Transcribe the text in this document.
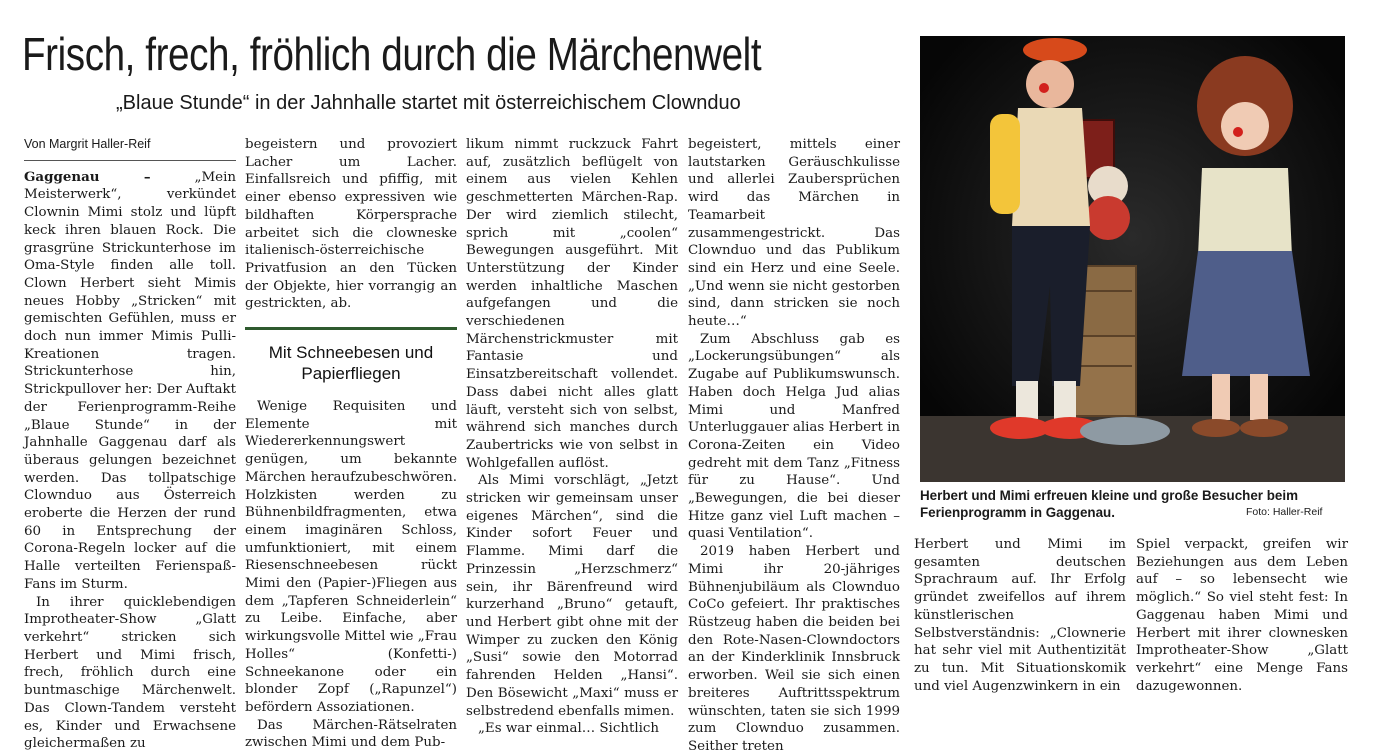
Frisch, frech, fröhlich durch die Märchenwelt
„Blaue Stunde“ in der Jahnhalle startet mit österreichischem Clownduo
Von Margrit Haller-Reif

Gaggenau –	„Mein Meisterwerk“, verkündet Clownin Mimi stolz und lüpft keck ihren blauen Rock. Die grasgrüne Strickunterhose im Oma-Style finden alle toll. Clown Herbert sieht Mimis neues Hobby „Stricken“ mit gemischten Gefühlen, muss er doch nun immer Mimis Pulli-Kreationen tragen. Strickunterhose hin, Strickpullover her: Der Auftakt der Ferienprogramm-Reihe „Blaue Stunde“ in der Jahnhalle Gaggenau darf als überaus gelungen bezeichnet werden. Das tollpatschige Clownduo aus Österreich eroberte die Herzen der rund 60 in Entsprechung der Corona-Regeln locker auf die Halle verteilten Ferienspaß-Fans im Sturm.

In ihrer quicklebendigen Improtheater-Show „Glatt verkehrt“ stricken sich Herbert und Mimi frisch, frech, fröhlich durch eine buntmaschige Märchenwelt. Das Clown-Tandem versteht es, Kinder und Erwachsene gleichermaßen zu

begeistern und provoziert Lacher um Lacher. Einfallsreich und pfiffig, mit einer ebenso expressiven wie bildhaften Körpersprache arbeitet sich die clowneske italienisch-österreichische Privatfusion an den Tücken der Objekte, hier vorrangig an gestrickten, ab.

Mit Schneebesen und Papierfliegen

Wenige Requisiten und Elemente mit Wiedererkennungswert genügen, um bekannte Märchen heraufzubeschwören. Holzkisten werden zu Bühnenbildfragmenten, etwa einem imaginären Schloss, umfunktioniert, mit einem Riesenschneebesen rückt Mimi den (Papier-)Fliegen aus dem „Tapferen Schneiderlein“ zu Leibe. Einfache, aber wirkungsvolle Mittel wie „Frau Holles“ (Konfetti-) Schneekanone oder ein blonder Zopf („Rapunzel“) befördern Assoziationen.

Das Märchen-Rätselraten zwischen Mimi und dem Pub-

likum nimmt ruckzuck Fahrt auf, zusätzlich beflügelt von einem aus vielen Kehlen geschmetterten Märchen-Rap. Der wird ziemlich stilecht, sprich mit „coolen“ Bewegungen ausgeführt. Mit Unterstützung der Kinder werden inhaltliche Maschen aufgefangen und die verschiedenen Märchenstrickmuster mit Fantasie und Einsatzbereitschaft vollendet. Dass dabei nicht alles glatt läuft, versteht sich von selbst, während sich manches durch Zaubertricks wie von selbst in Wohlgefallen auflöst.

Als Mimi vorschlägt, „Jetzt stricken wir gemeinsam unser eigenes Märchen“, sind die Kinder sofort Feuer und Flamme. Mimi darf die Prinzessin „Herzschmerz“ sein, ihr Bärenfreund wird kurzerhand „Bruno“ getauft, und Herbert gibt ohne mit der Wimper zu zucken den König „Susi“ sowie den Motorrad fahrenden Helden „Hansi“. Den Bösewicht „Maxi“ muss er selbstredend ebenfalls mimen.

„Es war einmal… Sichtlich

begeistert, mittels einer lautstarken Geräuschkulisse und allerlei Zaubersprüchen wird das Märchen in Teamarbeit zusammengestrickt. Das Clownduo und das Publikum sind ein Herz und eine Seele. „Und wenn sie nicht gestorben sind, dann stricken sie noch heute…“

Zum Abschluss gab es „Lockerungsübungen“ als Zugabe auf Publikumswunsch. Haben doch Helga Jud alias Mimi und Manfred Unterluggauer alias Herbert in Corona-Zeiten ein Video gedreht mit dem Tanz „Fitness für zu Hause“. Und „Bewegungen, die bei dieser Hitze ganz viel Luft machen – quasi Ventilation“.

2019 haben Herbert und Mimi ihr 20-jähriges Bühnenjubiläum als Clownduo CoCo gefeiert. Ihr praktisches Rüstzeug haben die beiden bei den Rote-Nasen-Clowndoctors an der Kinderklinik Innsbruck erworben. Weil sie sich einen breiteres Auftrittsspektrum wünschten, taten sie sich 1999 zum Clownduo zusammen. Seither treten

Herbert und Mimi erfreuen kleine und große Besucher beim Ferienprogramm in Gaggenau.	Foto: Haller-Reif

Herbert und Mimi im gesamten deutschen Sprachraum auf. Ihr Erfolg gründet zweifellos auf ihrem künstlerischen Selbstverständnis: „Clownerie hat sehr viel mit Authentizität zu tun. Mit Situationskomik und viel Augenzwinkern in ein

Spiel verpackt, greifen wir Beziehungen aus dem Leben auf – so lebensecht wie möglich.“ So viel steht fest: In Gaggenau haben Mimi und Herbert mit ihrer clownesken Improtheater-Show „Glatt verkehrt“ eine Menge Fans dazugewonnen.
